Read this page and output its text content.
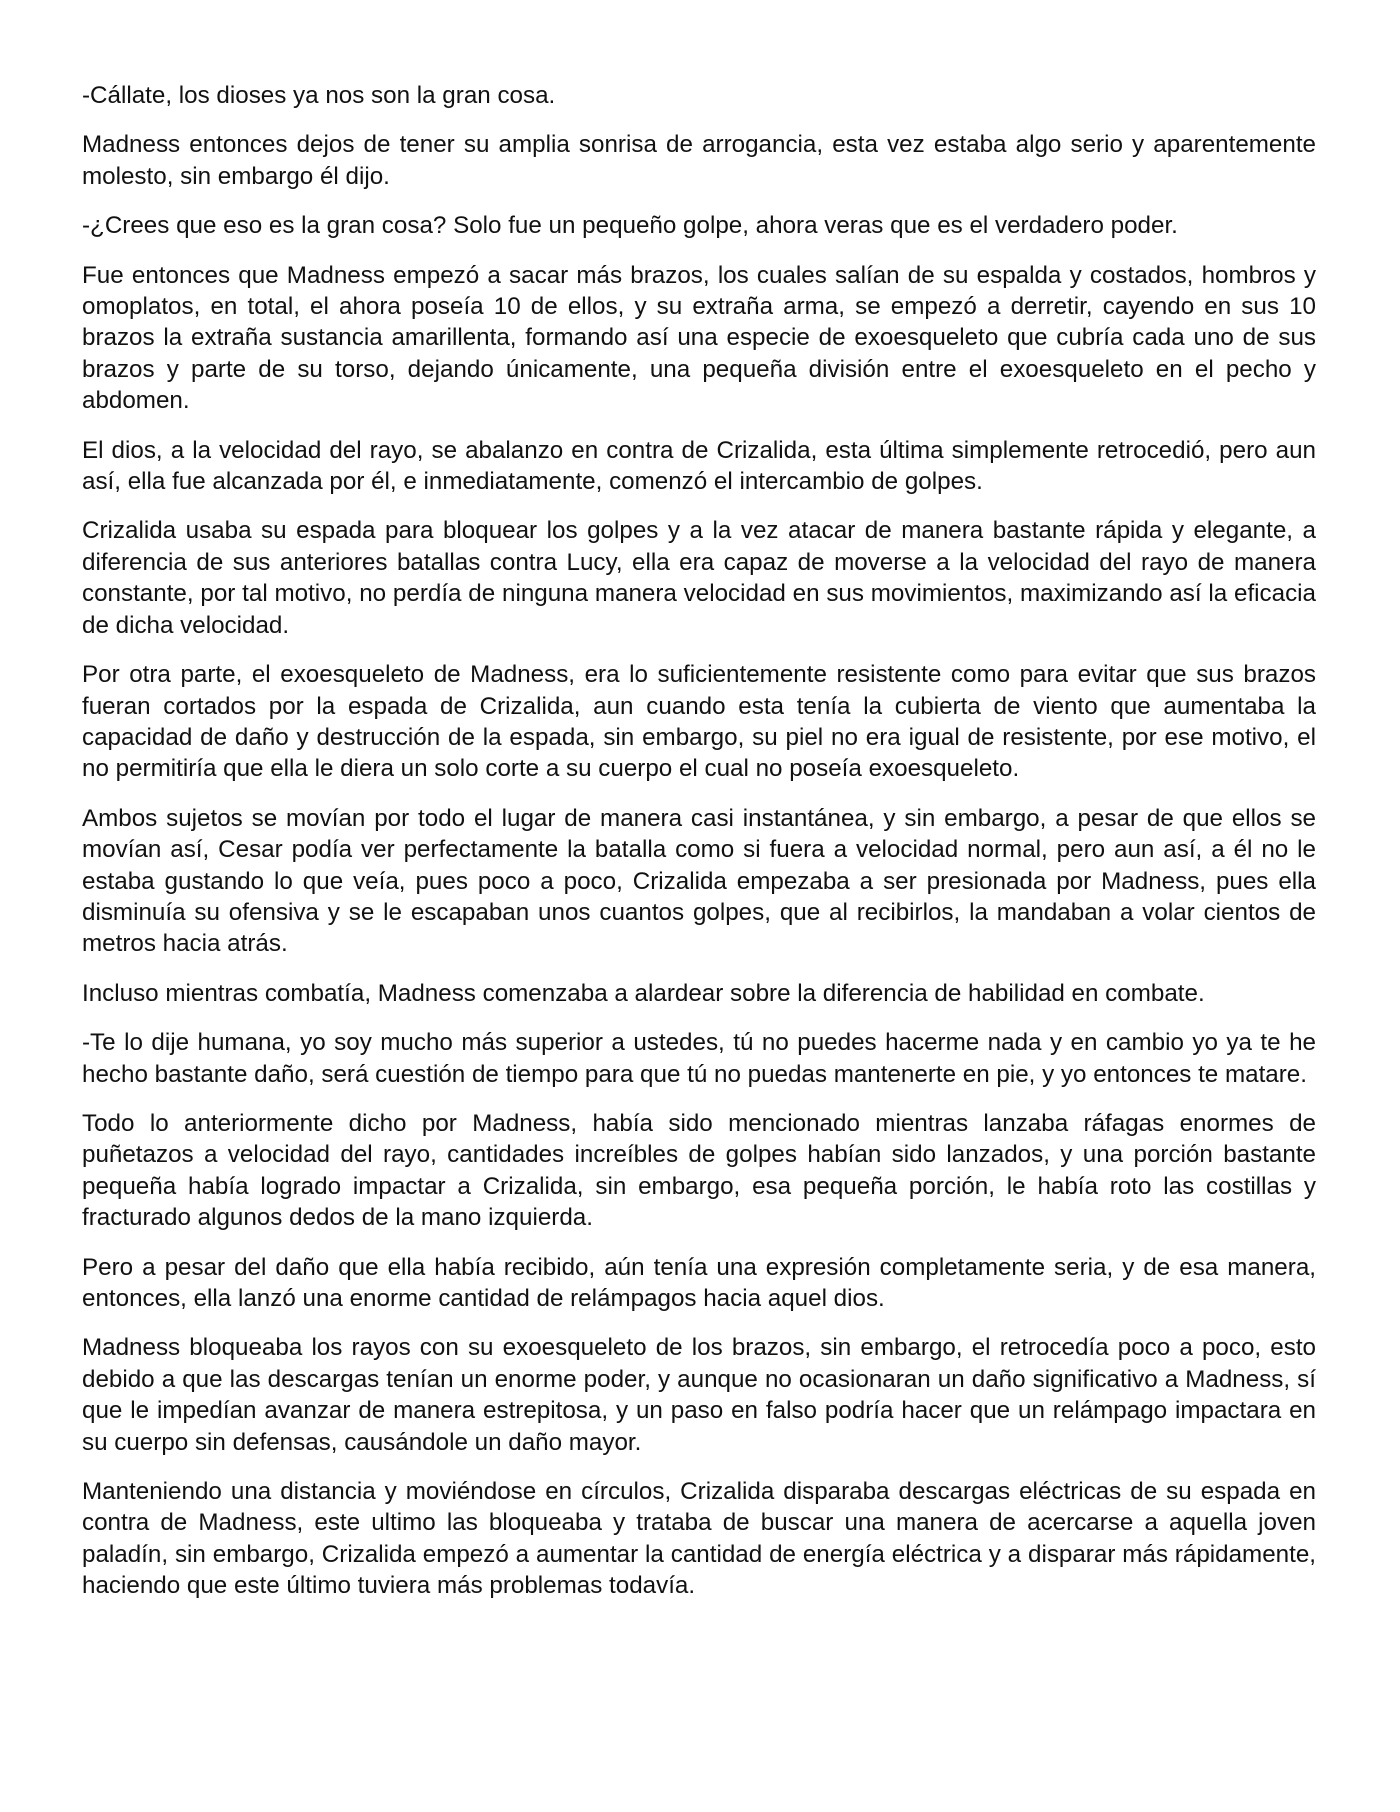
-Cállate, los dioses ya nos son la gran cosa.

Madness entonces dejos de tener su amplia sonrisa de arrogancia, esta vez estaba algo serio y aparentemente molesto, sin embargo él dijo.

-¿Crees que eso es la gran cosa? Solo fue un pequeño golpe, ahora veras que es el verdadero poder.

Fue entonces que Madness empezó a sacar más brazos, los cuales salían de su espalda y costados, hombros y omoplatos, en total, el ahora poseía 10 de ellos, y su extraña arma, se empezó a derretir, cayendo en sus 10 brazos la extraña sustancia amarillenta, formando así una especie de exoesqueleto que cubría cada uno de sus brazos y parte de su torso, dejando únicamente, una pequeña división entre el exoesqueleto en el pecho y abdomen.

El dios, a la velocidad del rayo, se abalanzo en contra de Crizalida, esta última simplemente retrocedió, pero aun así, ella fue alcanzada por él, e inmediatamente, comenzó el intercambio de golpes.

Crizalida usaba su espada para bloquear los golpes y a la vez atacar de manera bastante rápida y elegante, a diferencia de sus anteriores batallas contra Lucy, ella era capaz de moverse a la velocidad del rayo de manera constante, por tal motivo, no perdía de ninguna manera velocidad en sus movimientos, maximizando así la eficacia de dicha velocidad.

Por otra parte, el exoesqueleto de Madness, era lo suficientemente resistente como para evitar que sus brazos fueran cortados por la espada de Crizalida, aun cuando esta tenía la cubierta de viento que aumentaba la capacidad de daño y destrucción de la espada, sin embargo, su piel no era igual de resistente, por ese motivo, el no permitiría que ella le diera un solo corte a su cuerpo el cual no poseía exoesqueleto.

Ambos sujetos se movían por todo el lugar de manera casi instantánea, y sin embargo, a pesar de que ellos se movían así, Cesar podía ver perfectamente la batalla como si fuera a velocidad normal, pero aun así, a él no le estaba gustando lo que veía, pues poco a poco, Crizalida empezaba a ser presionada por Madness, pues ella disminuía su ofensiva y se le escapaban unos cuantos golpes, que al recibirlos, la mandaban a volar cientos de metros hacia atrás.

Incluso mientras combatía, Madness comenzaba a alardear sobre la diferencia de habilidad en combate.

-Te lo dije humana, yo soy mucho más superior a ustedes, tú no puedes hacerme nada y en cambio yo ya te he hecho bastante daño, será cuestión de tiempo para que tú no puedas mantenerte en pie, y yo entonces te matare.

Todo lo anteriormente dicho por Madness, había sido mencionado mientras lanzaba ráfagas enormes de puñetazos a velocidad del rayo, cantidades increíbles de golpes habían sido lanzados, y una porción bastante pequeña había logrado impactar a Crizalida, sin embargo, esa pequeña porción, le había roto las costillas y fracturado algunos dedos de la mano izquierda.

Pero a pesar del daño que ella había recibido, aún tenía una expresión completamente seria, y de esa manera, entonces, ella lanzó una enorme cantidad de relámpagos hacia aquel dios.

Madness bloqueaba los rayos con su exoesqueleto de los brazos, sin embargo, el retrocedía poco a poco, esto debido a que las descargas tenían un enorme poder, y aunque no ocasionaran un daño significativo a Madness, sí que le impedían avanzar de manera estrepitosa, y un paso en falso podría hacer que un relámpago impactara en su cuerpo sin defensas, causándole un daño mayor.

Manteniendo una distancia y moviéndose en círculos, Crizalida disparaba descargas eléctricas de su espada en contra de Madness, este ultimo las bloqueaba y trataba de buscar una manera de acercarse a aquella joven paladín, sin embargo, Crizalida empezó a aumentar la cantidad de energía eléctrica y a disparar más rápidamente, haciendo que este último tuviera más problemas todavía.
